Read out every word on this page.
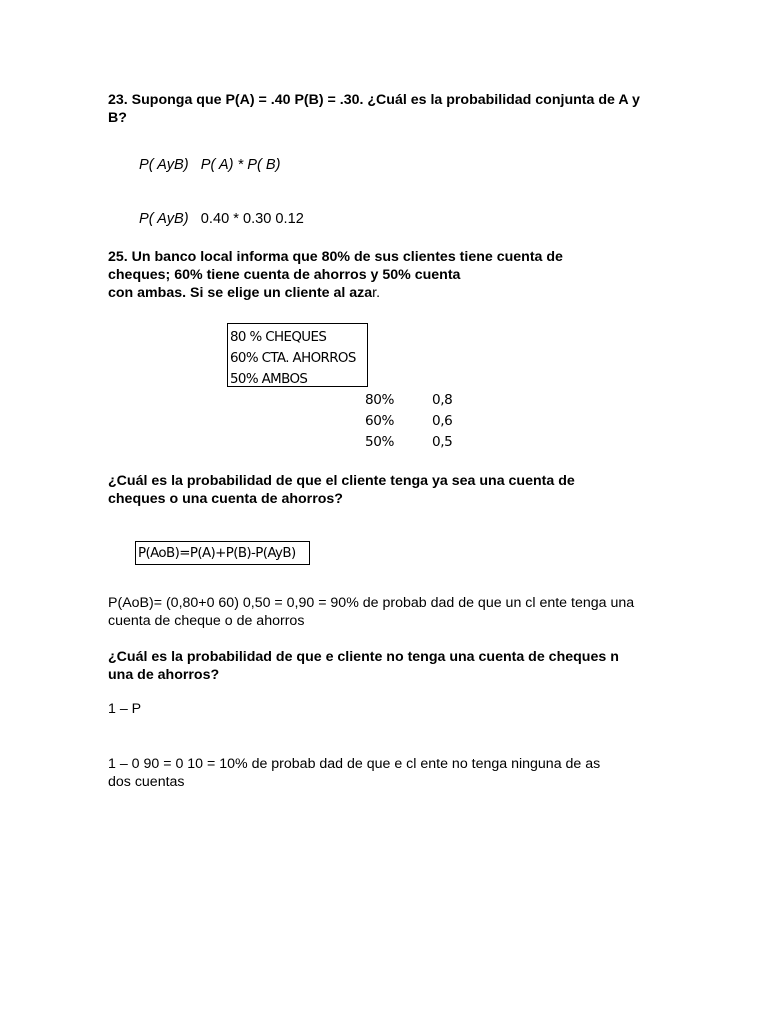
23. Suponga que P(A) = .40 P(B) = .30. ¿Cuál es la probabilidad conjunta de A y
B?
P( AyB) P( A) * P( B)
P( AyB) 0.40 * 0.30 0.12
25. Un banco local informa que 80% de sus clientes tiene cuenta de
cheques; 60% tiene cuenta de ahorros y 50% cuenta
con ambas. Si se elige un cliente al azar.
80 % CHEQUES
60% CTA. AHORROS
50% AMBOS
80%	0,8
60%	0,6
50%	0,5
¿Cuál es la probabilidad de que el cliente tenga ya sea una cuenta de
cheques o una cuenta de ahorros?
P(AoB)=P(A)+P(B)-P(AyB)
P(AoB)= (0,80+0 60) 0,50 = 0,90 = 90% de probab dad de que un cl ente tenga una
cuenta de cheque o de ahorros
¿Cuál es la probabilidad de que e cliente no tenga una cuenta de cheques n
una de ahorros?
1 – P
1 – 0 90 = 0 10 = 10% de probab dad de que e cl ente no tenga ninguna de as
dos cuentas
